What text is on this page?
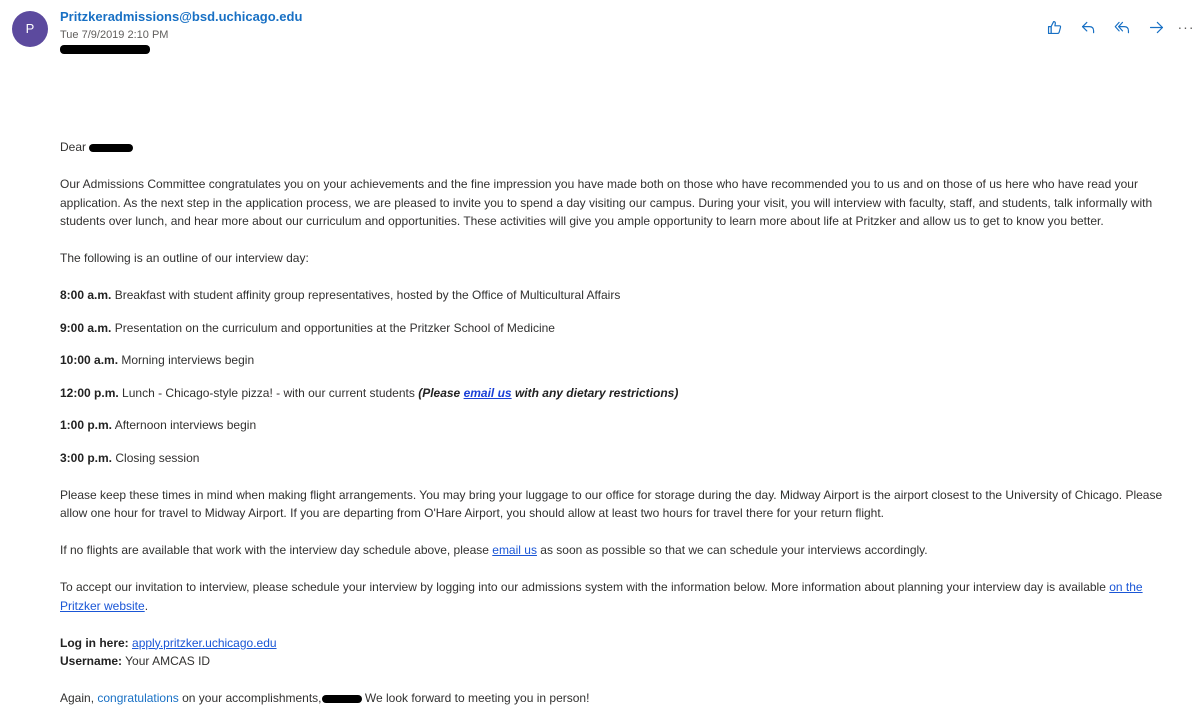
P
Pritzkeradmissions@bsd.uchicago.edu
Tue 7/9/2019 2:10 PM	···

Dear

Our Admissions Committee congratulates you on your achievements and the fine impression you have made both on those who have recommended you to us and on those of us here who have read your application. As the next step in the application process, we are pleased to invite you to spend a day visiting our campus. During your visit, you will interview with faculty, staff, and students, talk informally with students over lunch, and hear more about our curriculum and opportunities. These activities will give you ample opportunity to learn more about life at Pritzker and allow us to get to know you better.

The following is an outline of our interview day:

8:00 a.m. Breakfast with student affinity group representatives, hosted by the Office of Multicultural Affairs

9:00 a.m. Presentation on the curriculum and opportunities at the Pritzker School of Medicine

10:00 a.m. Morning interviews begin

12:00 p.m. Lunch - Chicago-style pizza! - with our current students (Please email us with any dietary restrictions)

1:00 p.m. Afternoon interviews begin

3:00 p.m. Closing session

Please keep these times in mind when making flight arrangements. You may bring your luggage to our office for storage during the day. Midway Airport is the airport closest to the University of Chicago. Please allow one hour for travel to Midway Airport. If you are departing from O'Hare Airport, you should allow at least two hours for travel there for your return flight.

If no flights are available that work with the interview day schedule above, please email us as soon as possible so that we can schedule your interviews accordingly.

To accept our invitation to interview, please schedule your interview by logging into our admissions system with the information below. More information about planning your interview day is available on the Pritzker website.

Log in here: apply.pritzker.uchicago.edu

Username: Your AMCAS ID

Again, congratulations on your accomplishments,	We look forward to meeting you in person!
